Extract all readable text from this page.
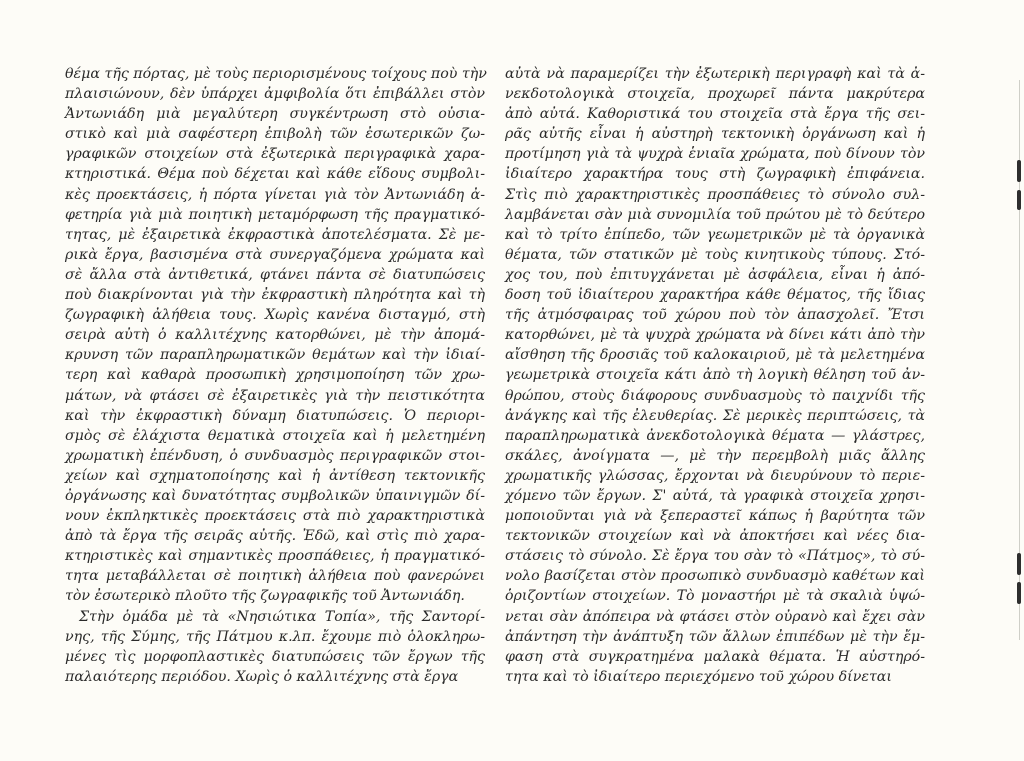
θέμα τῆς πόρτας, μὲ τοὺς περιορισμένους τοίχους ποὺ τὴν
πλαισιώνουν, δὲν ὑπάρχει ἀμφιβολία ὅτι ἐπιβάλλει στὸν
Ἀντωνιάδη μιὰ μεγαλύτερη συγκέντρωση στὸ οὐσια-
στικὸ καὶ μιὰ σαφέστερη ἐπιβολὴ τῶν ἐσωτερικῶν ζω-
γραφικῶν στοιχείων στὰ ἐξωτερικὰ περιγραφικὰ χαρα-
κτηριστικά. Θέμα ποὺ δέχεται καὶ κάθε εἴδους συμβολι-
κὲς προεκτάσεις, ἡ πόρτα γίνεται γιὰ τὸν Ἀντωνιάδη ἀ-
φετηρία γιὰ μιὰ ποιητικὴ μεταμόρφωση τῆς πραγματικό-
τητας, μὲ ἐξαιρετικὰ ἐκφραστικὰ ἀποτελέσματα. Σὲ με-
ρικὰ ἔργα, βασισμένα στὰ συνεργαζόμενα χρώματα καὶ
σὲ ἄλλα στὰ ἀντιθετικά, φτάνει πάντα σὲ διατυπώσεις
ποὺ διακρίνονται γιὰ τὴν ἐκφραστικὴ πληρότητα καὶ τὴ
ζωγραφικὴ ἀλήθεια τους. Χωρὶς κανένα δισταγμό, στὴ
σειρὰ αὐτὴ ὁ καλλιτέχνης κατορθώνει, μὲ τὴν ἀπομά-
κρυνση τῶν παραπληρωματικῶν θεμάτων καὶ τὴν ἰδιαί-
τερη καὶ καθαρὰ προσωπικὴ χρησιμοποίηση τῶν χρω-
μάτων, νὰ φτάσει σὲ ἐξαιρετικὲς γιὰ τὴν πειστικότητα
καὶ τὴν ἐκφραστικὴ δύναμη διατυπώσεις. Ὁ περιορι-
σμὸς σὲ ἐλάχιστα θεματικὰ στοιχεῖα καὶ ἡ μελετημένη
χρωματικὴ ἐπένδυση, ὁ συνδυασμὸς περιγραφικῶν στοι-
χείων καὶ σχηματοποίησης καὶ ἡ ἀντίθεση τεκτονικῆς
ὀργάνωσης καὶ δυνατότητας συμβολικῶν ὑπαινιγμῶν δί-
νουν ἐκπληκτικὲς προεκτάσεις στὰ πιὸ χαρακτηριστικὰ
ἀπὸ τὰ ἔργα τῆς σειρᾶς αὐτῆς. Ἐδῶ, καὶ στὶς πιὸ χαρα-
κτηριστικὲς καὶ σημαντικὲς προσπάθειες, ἡ πραγματικό-
τητα μεταβάλλεται σὲ ποιητικὴ ἀλήθεια ποὺ φανερώνει
τὸν ἐσωτερικὸ πλοῦτο τῆς ζωγραφικῆς τοῦ Ἀντωνιάδη.
Στὴν ὁμάδα μὲ τὰ «Νησιώτικα Τοπία», τῆς Σαντορί-
νης, τῆς Σύμης, τῆς Πάτμου κ.λπ. ἔχουμε πιὸ ὁλοκληρω-
μένες τὶς μορφοπλαστικὲς διατυπώσεις τῶν ἔργων τῆς
παλαιότερης περιόδου. Χωρὶς ὁ καλλιτέχνης στὰ ἔργα
αὐτὰ νὰ παραμερίζει τὴν ἐξωτερικὴ περιγραφὴ καὶ τὰ ἀ-
νεκδοτολογικὰ στοιχεῖα, προχωρεῖ πάντα μακρύτερα
ἀπὸ αὐτά. Καθοριστικά του στοιχεῖα στὰ ἔργα τῆς σει-
ρᾶς αὐτῆς εἶναι ἡ αὐστηρὴ τεκτονικὴ ὀργάνωση καὶ ἡ
προτίμηση γιὰ τὰ ψυχρὰ ἑνιαῖα χρώματα, ποὺ δίνουν τὸν
ἰδιαίτερο χαρακτήρα τους στὴ ζωγραφικὴ ἐπιφάνεια.
Στὶς πιὸ χαρακτηριστικὲς προσπάθειες τὸ σύνολο συλ-
λαμβάνεται σὰν μιὰ συνομιλία τοῦ πρώτου μὲ τὸ δεύτερο
καὶ τὸ τρίτο ἐπίπεδο, τῶν γεωμετρικῶν μὲ τὰ ὀργανικὰ
θέματα, τῶν στατικῶν μὲ τοὺς κινητικοὺς τύπους. Στό-
χος του, ποὺ ἐπιτυγχάνεται μὲ ἀσφάλεια, εἶναι ἡ ἀπό-
δοση τοῦ ἰδιαίτερου χαρακτήρα κάθε θέματος, τῆς ἴδιας
τῆς ἀτμόσφαιρας τοῦ χώρου ποὺ τὸν ἀπασχολεῖ. Ἔτσι
κατορθώνει, μὲ τὰ ψυχρὰ χρώματα νὰ δίνει κάτι ἀπὸ τὴν
αἴσθηση τῆς δροσιᾶς τοῦ καλοκαιριοῦ, μὲ τὰ μελετημένα
γεωμετρικὰ στοιχεῖα κάτι ἀπὸ τὴ λογικὴ θέληση τοῦ ἀν-
θρώπου, στοὺς διάφορους συνδυασμοὺς τὸ παιχνίδι τῆς
ἀνάγκης καὶ τῆς ἐλευθερίας. Σὲ μερικὲς περιπτώσεις, τὰ
παραπληρωματικὰ ἀνεκδοτολογικὰ θέματα — γλάστρες,
σκάλες, ἀνοίγματα —, μὲ τὴν περεμβολὴ μιᾶς ἄλλης
χρωματικῆς γλώσσας, ἔρχονται νὰ διευρύνουν τὸ περιε-
χόμενο τῶν ἔργων. Σ' αὐτά, τὰ γραφικὰ στοιχεῖα χρησι-
μοποιοῦνται γιὰ νὰ ξεπεραστεῖ κάπως ἡ βαρύτητα τῶν
τεκτονικῶν στοιχείων καὶ νὰ ἀποκτήσει καὶ νέες δια-
στάσεις τὸ σύνολο. Σὲ ἔργα του σὰν τὸ «Πάτμος», τὸ σύ-
νολο βασίζεται στὸν προσωπικὸ συνδυασμὸ καθέτων καὶ
ὁριζοντίων στοιχείων. Τὸ μοναστήρι μὲ τὰ σκαλιὰ ὑψώ-
νεται σὰν ἀπόπειρα νὰ φτάσει στὸν οὐρανὸ καὶ ἔχει σὰν
ἀπάντηση τὴν ἀνάπτυξη τῶν ἄλλων ἐπιπέδων μὲ τὴν ἔμ-
φαση στὰ συγκρατημένα μαλακὰ θέματα. Ἡ αὐστηρό-
τητα καὶ τὸ ἰδιαίτερο περιεχόμενο τοῦ χώρου δίνεται
